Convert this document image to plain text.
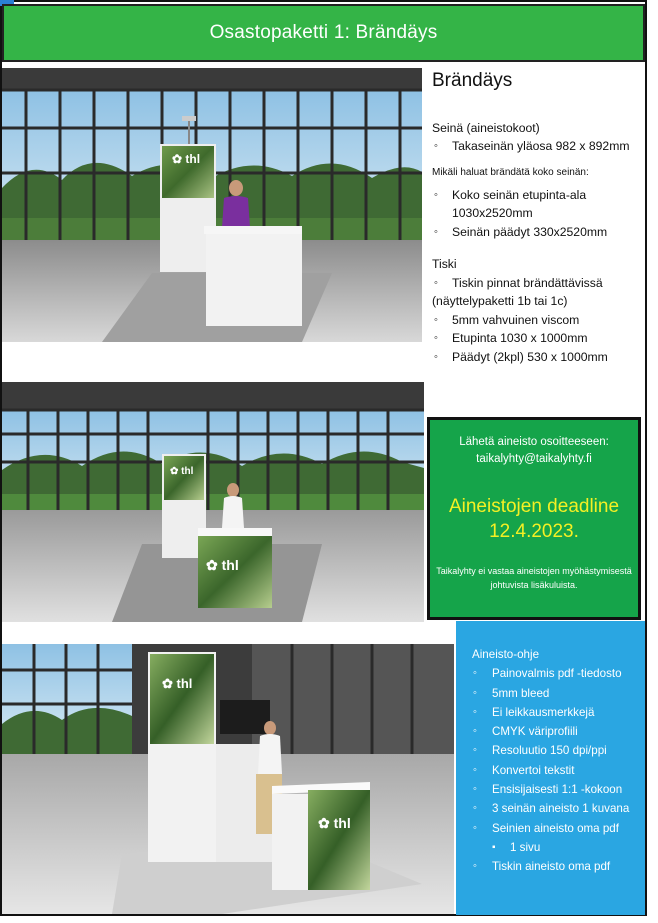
Osastopaketti 1: Brändäys
✿ thl
✿ thl
✿ thl
✿ thl
✿ thl
Brändäys
Seinä (aineistokoot)
◦ Takaseinän yläosa 982 x 892mm
Mikäli haluat brändätä koko seinän:
◦ Koko seinän etupinta-ala 1030x2520mm
◦ Seinän päädyt 330x2520mm
Tiski
◦ Tiskin pinnat brändättävissä
(näyttelypaketti 1b tai 1c)
◦ 5mm vahvuinen viscom
◦ Etupinta 1030 x 1000mm
◦ Päädyt (2kpl) 530 x 1000mm
Lähetä aineisto osoitteeseen:
taikalyhty@taikalyhty.fi
Aineistojen deadline
12.4.2023.
Taikalyhty ei vastaa aineistojen myöhästymisestä johtuvista lisäkuluista.
Aineisto-ohje
◦ Painovalmis pdf -tiedosto
◦ 5mm bleed
◦ Ei leikkausmerkkejä
◦ CMYK väriprofiili
◦ Resoluutio 150 dpi/ppi
◦ Konvertoi tekstit
◦ Ensisijaisesti 1:1 -kokoon
◦ 3 seinän aineisto 1 kuvana
◦ Seinien aineisto oma pdf
▪ 1 sivu
◦ Tiskin aineisto oma pdf
